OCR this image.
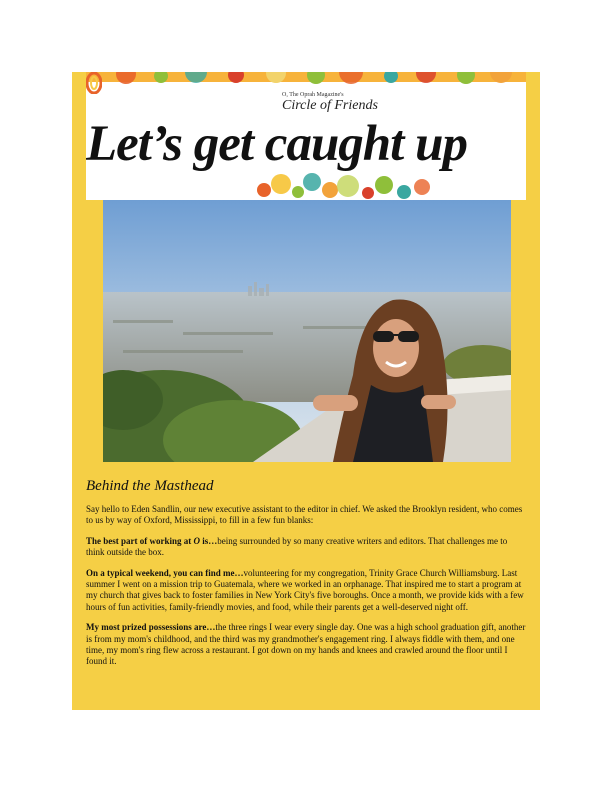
O, The Oprah Magazine's
Circle of Friends
Let’s get caught up
Behind the Masthead

Say hello to Eden Sandlin, our new executive assistant to the editor in chief. We asked the Brooklyn resident, who comes to us by way of Oxford, Mississippi, to fill in a few fun blanks:

The best part of working at O is…being surrounded by so many creative writers and editors. That challenges me to think outside the box.

On a typical weekend, you can find me…volunteering for my congregation, Trinity Grace Church Williamsburg. Last summer I went on a mission trip to Guatemala, where we worked in an orphanage. That inspired me to start a program at my church that gives back to foster families in New York City's five boroughs. Once a month, we provide kids with a few hours of fun activities, family-friendly movies, and food, while their parents get a well-deserved night off.

My most prized possessions are…the three rings I wear every single day. One was a high school graduation gift, another is from my mom's childhood, and the third was my grandmother's engagement ring. I always fiddle with them, and one time, my mom's ring flew across a restaurant. I got down on my hands and knees and crawled around the floor until I found it.
